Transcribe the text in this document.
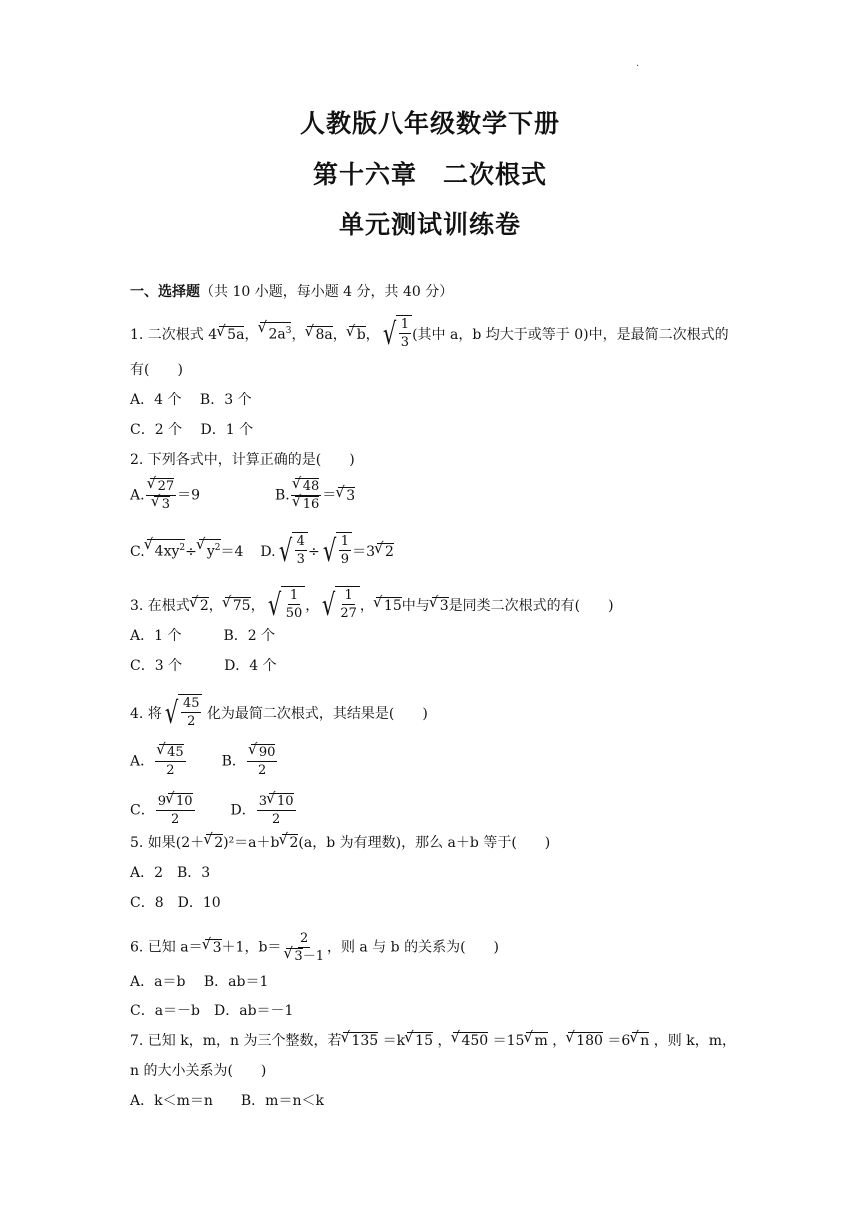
.
人教版八年级数学下册
第十六章　二次根式
单元测试训练卷
一、选择题（共 10 小题，每小题 4 分，共 40 分）
1. 二次根式 4√ 5a，√ $2a^3$，√ 8a，√ b， √ $\frac{1}{3}$ (其中 a，b 均大于或等于 0)中，是最简二次根式的
有(　　)
A．4 个　 B．3 个
C．2 个　 D．1 个
2. 下列各式中，计算正确的是(　　)
A.
√ 27
√ 3 ＝9	B.
√ 48
√ 16 ＝√ 3
C.√ $4xy^2\div√$ $y^2=4$ D. √ $\frac{4}{3}$ ÷ √ $\frac{1}{9} =3√$ 2
3. 在根式√ 2，√ 75， √ $\frac{1}{50}$ ， √ $\frac{1}{27}$ ，√ 15中与√ 3是同类二次根式的有(　　)
A．1 个　　　B．2 个
C．3 个　　　D．4 个
4. 将 √ $\frac{45}{2}$ 化为最简二次根式，其结果是(　　)
A．
√ $\frac{45}{2}$	B．
√ $\frac{90}{2}$
C． $\frac{9√ 10}{2}$	D． $\frac{3√ 10}{2}$
5. 如果(2＋√ 2)²＝a＋b√ 2(a，b 为有理数)，那么 a＋b 等于(　　)
A．2　B．3
C．8　D．10
6. 已知 a＝√ 3＋1，b＝ 2
√ 3－1 ，则 a 与 b 的关系为(　　)
A．a＝b　 B．ab＝1
C．a＝－b　D．ab＝－1
7. 已知 k，m，n 为三个整数，若√ 135 ＝k√ 15 ，√ 450 ＝15√ m ，√ 180 ＝6√ n ，则 k，m，
n 的大小关系为(　　)
A．k＜m＝n　　B．m＝n＜k
